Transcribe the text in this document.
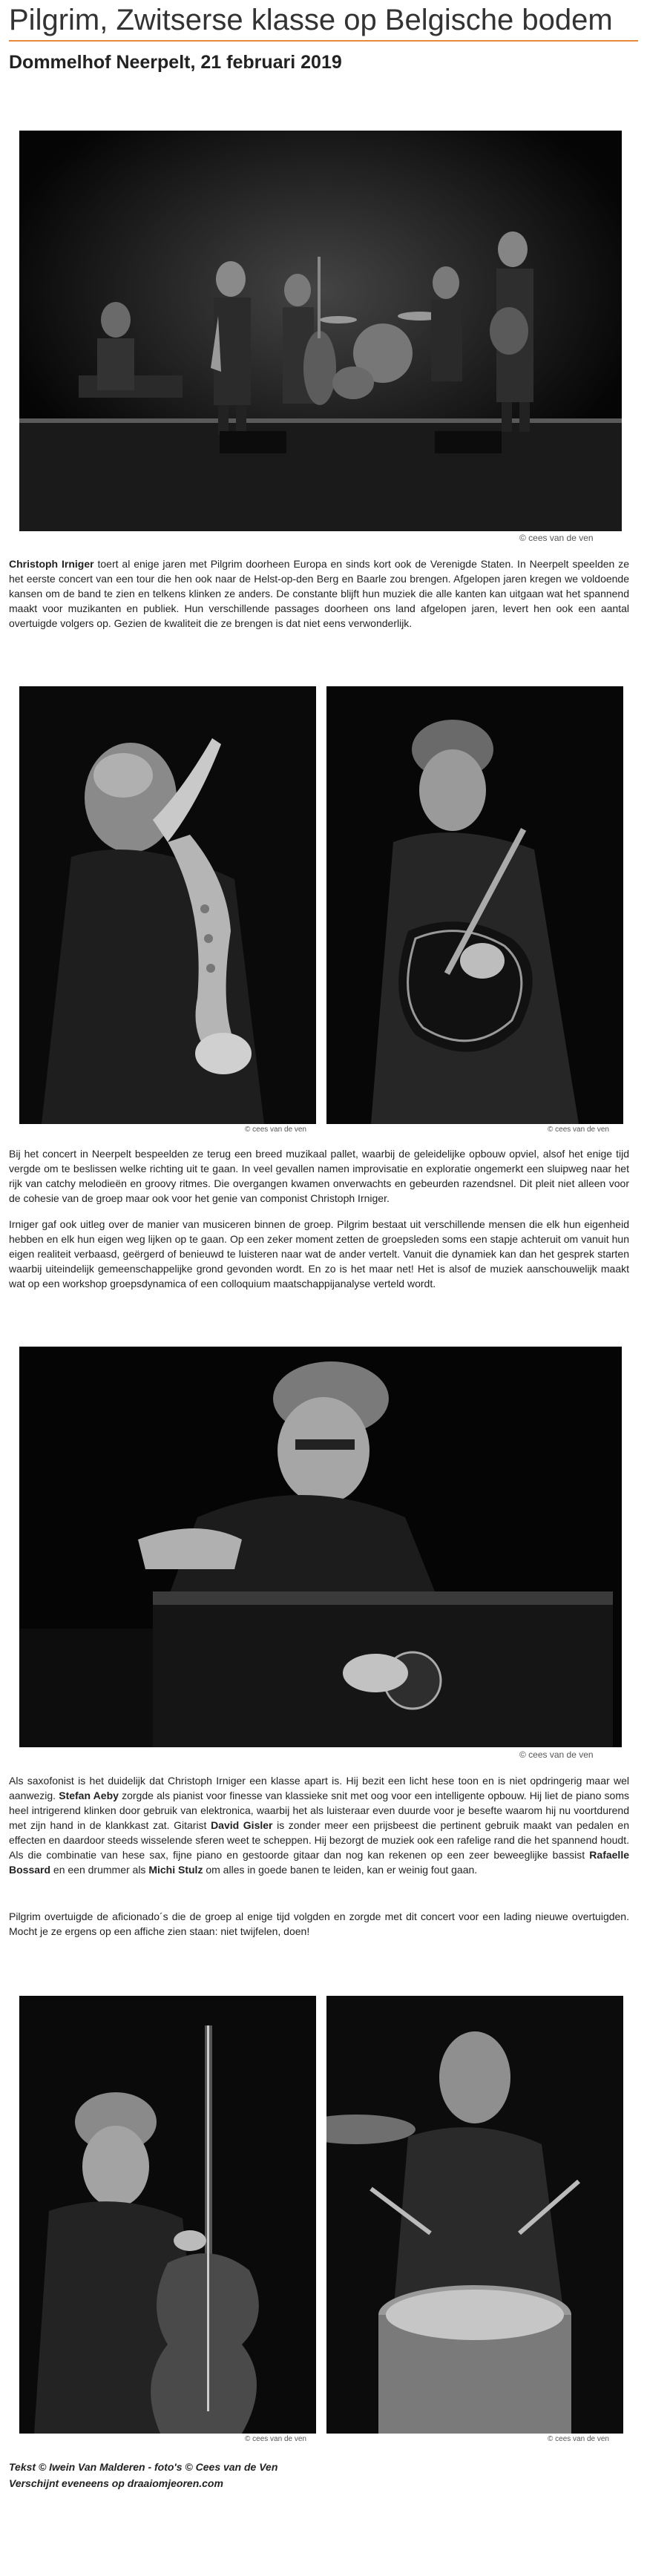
Pilgrim, Zwitserse klasse op Belgische bodem
Dommelhof Neerpelt, 21 februari 2019
© cees van de ven

Christoph Irniger toert al enige jaren met Pilgrim doorheen Europa en sinds kort ook de Verenigde Staten. In Neerpelt speelden ze het eerste concert van een tour die hen ook naar de Helst-op-den Berg en Baarle zou brengen. Afgelopen jaren kregen we voldoende kansen om de band te zien en telkens klinken ze anders. De constante blijft hun muziek die alle kanten kan uitgaan wat het spannend maakt voor muzikanten en publiek. Hun verschillende passages doorheen ons land afgelopen jaren, levert hen ook een aantal overtuigde volgers op. Gezien de kwaliteit die ze brengen is dat niet eens verwonderlijk.

© cees van de ven	© cees van de ven

Bij het concert in Neerpelt bespeelden ze terug een breed muzikaal pallet, waarbij de geleidelijke opbouw opviel, alsof het enige tijd vergde om te beslissen welke richting uit te gaan. In veel gevallen namen improvisatie en exploratie ongemerkt een sluipweg naar het rijk van catchy melodieën en groovy ritmes. Die overgangen kwamen onverwachts en gebeurden razendsnel. Dit pleit niet alleen voor de cohesie van de groep maar ook voor het genie van componist Christoph Irniger.

Irniger gaf ook uitleg over de manier van musiceren binnen de groep. Pilgrim bestaat uit verschillende mensen die elk hun eigenheid hebben en elk hun eigen weg lijken op te gaan. Op een zeker moment zetten de groepsleden soms een stapje achteruit om vanuit hun eigen realiteit verbaasd, geërgerd of benieuwd te luisteren naar wat de ander vertelt. Vanuit die dynamiek kan dan het gesprek starten waarbij uiteindelijk gemeenschappelijke grond gevonden wordt. En zo is het maar net! Het is alsof de muziek aanschouwelijk maakt wat op een workshop groepsdynamica of een colloquium maatschappijanalyse verteld wordt.

© cees van de ven

Als saxofonist is het duidelijk dat Christoph Irniger een klasse apart is. Hij bezit een licht hese toon en is niet opdringerig maar wel aanwezig. Stefan Aeby zorgde als pianist voor finesse van klassieke snit met oog voor een intelligente opbouw. Hij liet de piano soms heel intrigerend klinken door gebruik van elektronica, waarbij het als luisteraar even duurde voor je besefte waarom hij nu voortdurend met zijn hand in de klankkast zat. Gitarist David Gisler is zonder meer een prijsbeest die pertinent gebruik maakt van pedalen en effecten en daardoor steeds wisselende sferen weet te scheppen. Hij bezorgt de muziek ook een rafelige rand die het spannend houdt. Als die combinatie van hese sax, fijne piano en gestoorde gitaar dan nog kan rekenen op een zeer beweeglijke bassist Rafaelle Bossard en een drummer als Michi Stulz om alles in goede banen te leiden, kan er weinig fout gaan.

Pilgrim overtuigde de aficionado´s die de groep al enige tijd volgden en zorgde met dit concert voor een lading nieuwe overtuigden. Mocht je ze ergens op een affiche zien staan: niet twijfelen, doen!

© cees van de ven	© cees van de ven
Tekst © Iwein Van Malderen - foto's © Cees van de Ven
Verschijnt eveneens op draaiomjeoren.com
